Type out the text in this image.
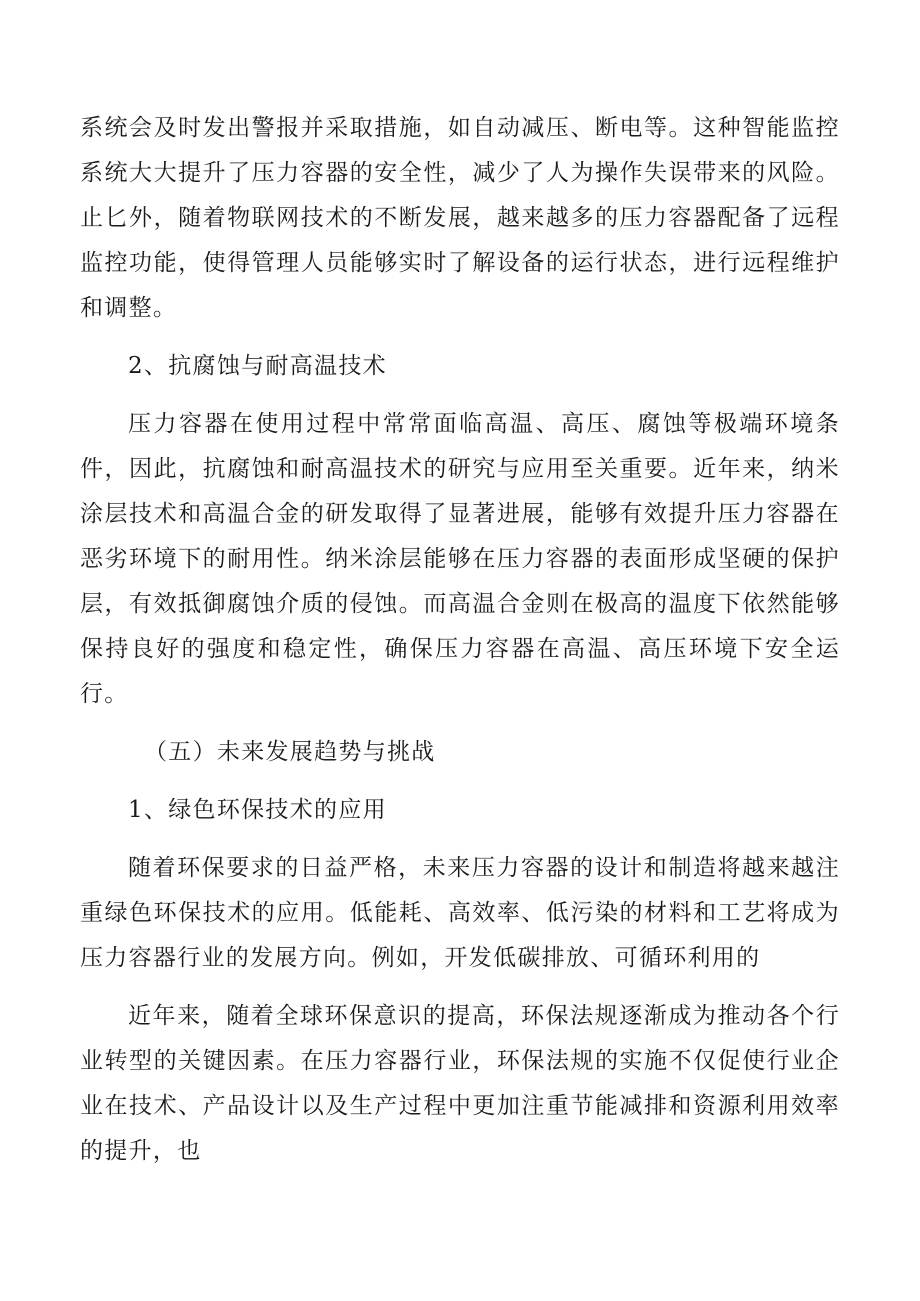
系统会及时发出警报并采取措施，如自动减压、断电等。这种智能监控系统大大提升了压力容器的安全性，减少了人为操作失误带来的风险。止匕外，随着物联网技术的不断发展，越来越多的压力容器配备了远程监控功能，使得管理人员能够实时了解设备的运行状态，进行远程维护和调整。

2、抗腐蚀与耐高温技术

压力容器在使用过程中常常面临高温、高压、腐蚀等极端环境条件，因此，抗腐蚀和耐高温技术的研究与应用至关重要。近年来，纳米涂层技术和高温合金的研发取得了显著进展，能够有效提升压力容器在恶劣环境下的耐用性。纳米涂层能够在压力容器的表面形成坚硬的保护层，有效抵御腐蚀介质的侵蚀。而高温合金则在极高的温度下依然能够保持良好的强度和稳定性，确保压力容器在高温、高压环境下安全运行。

（五）未来发展趋势与挑战

1、绿色环保技术的应用

随着环保要求的日益严格，未来压力容器的设计和制造将越来越注重绿色环保技术的应用。低能耗、高效率、低污染的材料和工艺将成为压力容器行业的发展方向。例如，开发低碳排放、可循环利用的

近年来，随着全球环保意识的提高，环保法规逐渐成为推动各个行业转型的关键因素。在压力容器行业，环保法规的实施不仅促使行业企业在技术、产品设计以及生产过程中更加注重节能减排和资源利用效率的提升，也
